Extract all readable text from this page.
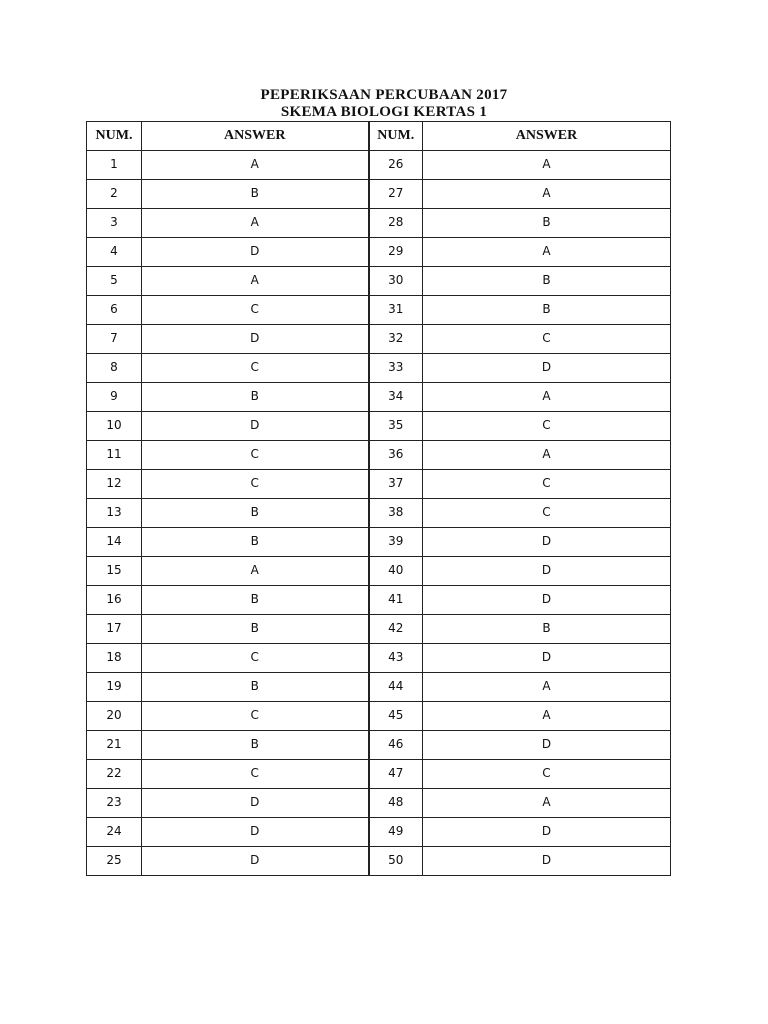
PEPERIKSAAN PERCUBAAN 2017
SKEMA BIOLOGI KERTAS 1
NUM.	ANSWER	NUM.	ANSWER
1	A	26	A
2	B	27	A
3	A	28	B
4	D	29	A
5	A	30	B
6	C	31	B
7	D	32	C
8	C	33	D
9	B	34	A
10	D	35	C
11	C	36	A
12	C	37	C
13	B	38	C
14	B	39	D
15	A	40	D
16	B	41	D
17	B	42	B
18	C	43	D
19	B	44	A
20	C	45	A
21	B	46	D
22	C	47	C
23	D	48	A
24	D	49	D
25	D	50	D
